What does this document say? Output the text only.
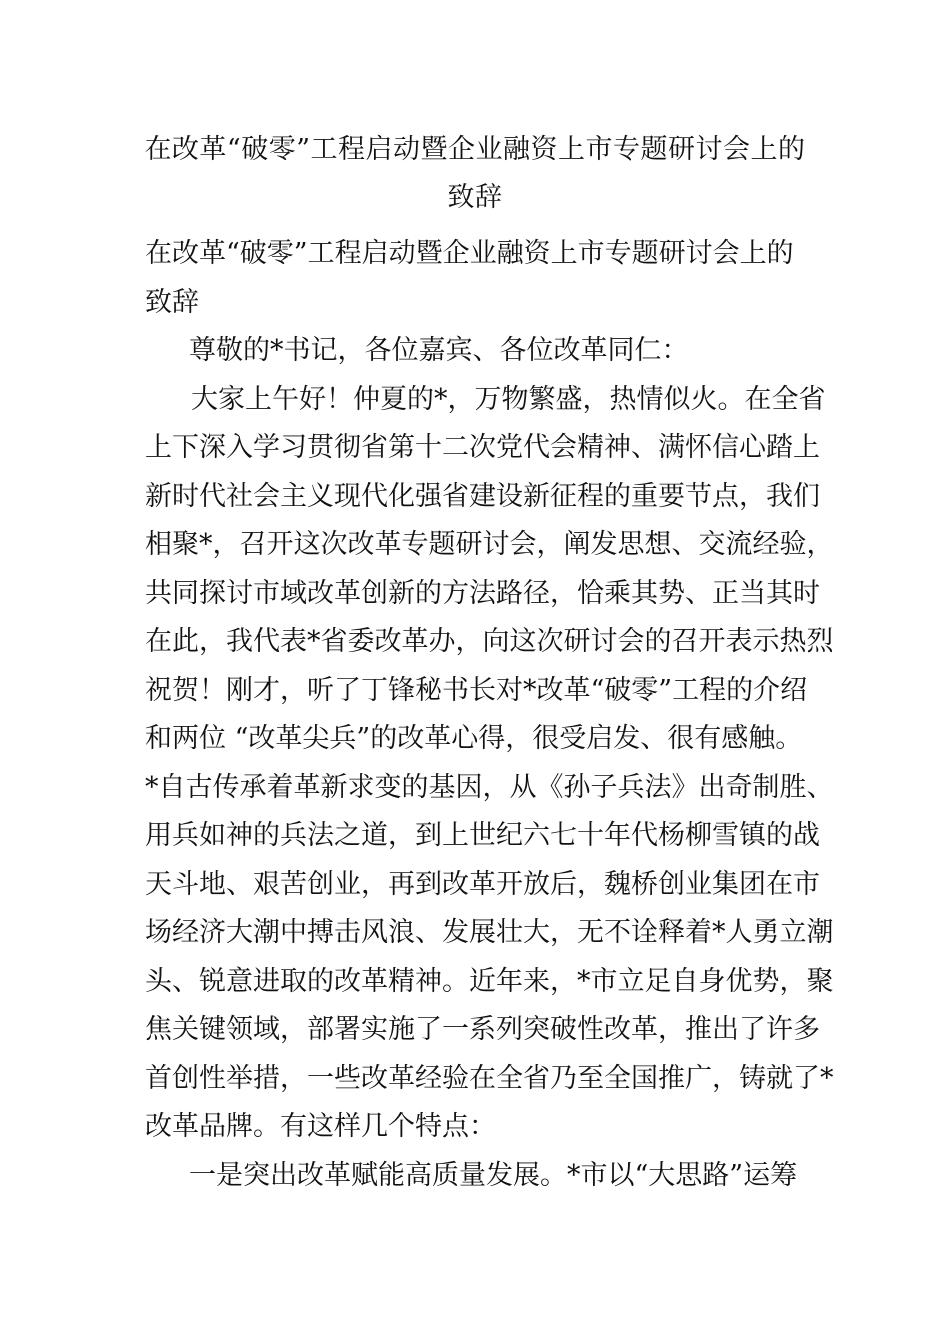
在改革“破零”工程启动暨企业融资上市专题研讨会上的
致辞
在改革“破零”工程启动暨企业融资上市专题研讨会上的
致辞
尊敬的*书记，各位嘉宾、各位改革同仁：
大家上午好！仲夏的*，万物繁盛，热情似火。在全省
上下深入学习贯彻省第十二次党代会精神、满怀信心踏上
新时代社会主义现代化强省建设新征程的重要节点，我们
相聚*，召开这次改革专题研讨会，阐发思想、交流经验，
共同探讨市域改革创新的方法路径，恰乘其势、正当其时
在此，我代表*省委改革办，向这次研讨会的召开表示热烈
祝贺！刚才，听了丁锋秘书长对*改革“破零”工程的介绍
和两位 “改革尖兵”的改革心得，很受启发、很有感触。
*自古传承着革新求变的基因，从《孙子兵法》出奇制胜、
用兵如神的兵法之道，到上世纪六七十年代杨柳雪镇的战
天斗地、艰苦创业，再到改革开放后，魏桥创业集团在市
场经济大潮中搏击风浪、发展壮大，无不诠释着*人勇立潮
头、锐意进取的改革精神。近年来，*市立足自身优势，聚
焦关键领域，部署实施了一系列突破性改革，推出了许多
首创性举措，一些改革经验在全省乃至全国推广，铸就了*
改革品牌。有这样几个特点：
一是突出改革赋能高质量发展。*市以“大思路”运筹
